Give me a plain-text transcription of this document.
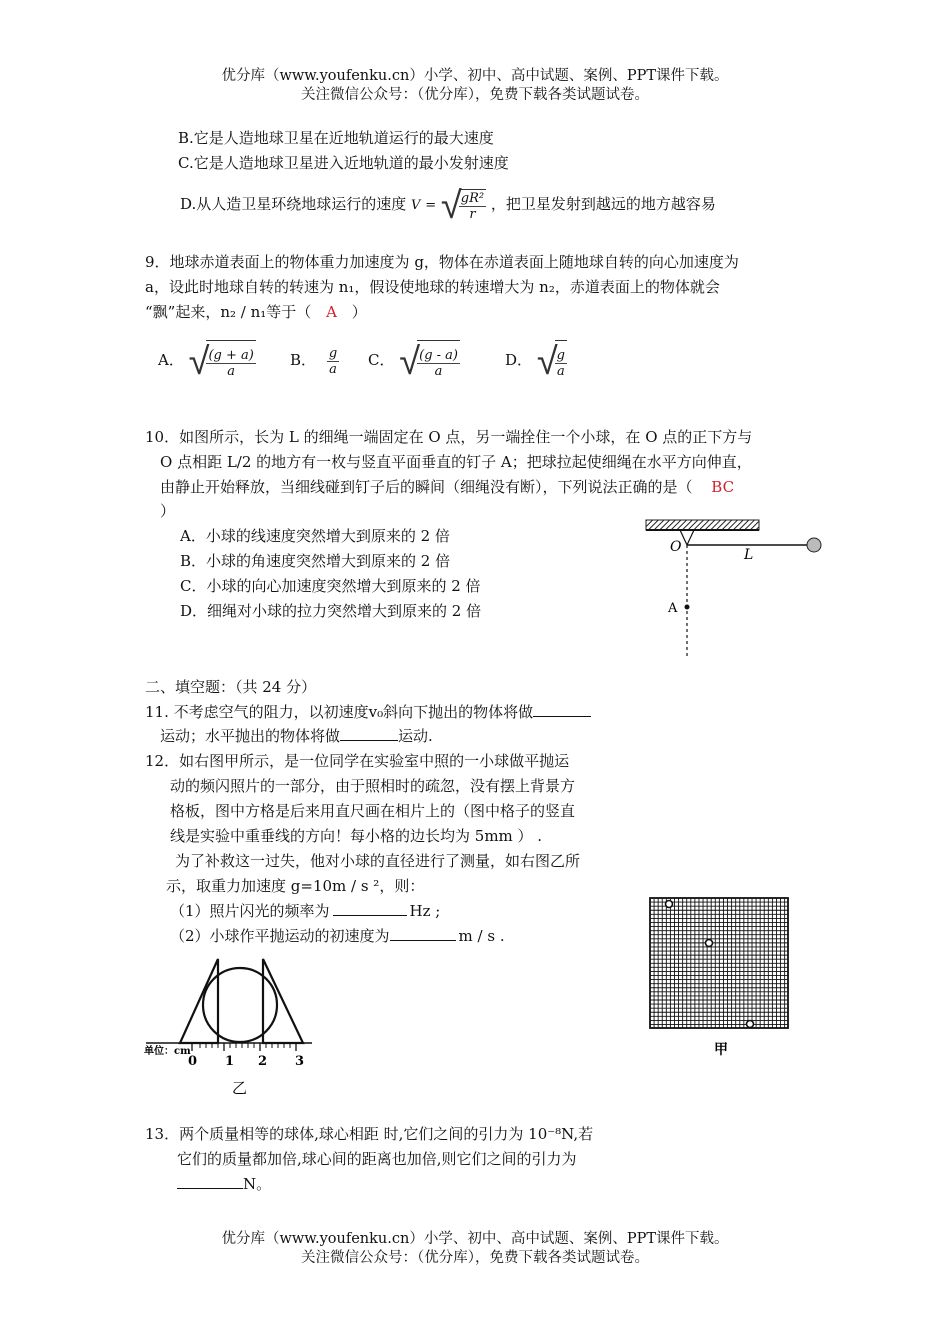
优分库（www.youfenku.cn）小学、初中、高中试题、案例、PPT课件下载。
关注微信公众号：（优分库），免费下载各类试题试卷。
B.它是人造地球卫星在近地轨道运行的最大速度
C.它是人造地球卫星进入近地轨道的最小发射速度
D.从人造卫星环绕地球运行的速度 V = √
$\frac{\text{gR²}}{r}$ ，把卫星发射到越远的地方越容易
9．地球赤道表面上的物体重力加速度为 g，物体在赤道表面上随地球自转的向心加速度为
a，设此时地球自转的转速为 n₁，假设使地球的转速增大为 n₂，赤道表面上的物体就会
“飘”起来，n₂ / n₁等于（ A ）
A． √
$\frac{(g + a)}{a}$ B． $\frac{g}{a}$ C． √
$\frac{(g - a)}{a}$	D． √
$\frac{g}{a}$
10．如图所示，长为 L 的细绳一端固定在 O 点，另一端拴住一个小球，在 O 点的正下方与
O 点相距 L/2 的地方有一枚与竖直平面垂直的钉子 A；把球拉起使细绳在水平方向伸直，
由静止开始释放，当细线碰到钉子后的瞬间（细绳没有断），下列说法正确的是（ BC
）
A．小球的线速度突然增大到原来的 2 倍
B．小球的角速度突然增大到原来的 2 倍
C．小球的向心加速度突然增大到原来的 2 倍
D．细绳对小球的拉力突然增大到原来的 2 倍
O	L
A
二、填空题：（共 24 分）
11. 不考虑空气的阻力，以初速度v₀斜向下抛出的物体将做
运动；水平抛出的物体将做	运动.
12．如右图甲所示，是一位同学在实验室中照的一小球做平抛运
动的频闪照片的一部分，由于照相时的疏忽，没有摆上背景方
格板，图中方格是后来用直尺画在相片上的（图中格子的竖直
线是实验中重垂线的方向！每小格的边长均为 5mm ） .
为了补救这一过失，他对小球的直径进行了测量，如右图乙所
示，取重力加速度 g=10m / s ²，则：
（1）照片闪光的频率为	Hz ;
（2）小球作平抛运动的初速度为	m / s .
单位：cm
0 1 2 3
乙
甲
13．两个质量相等的球体,球心相距 时,它们之间的引力为 10⁻⁸N,若
它们的质量都加倍,球心间的距离也加倍,则它们之间的引力为
N。
优分库（www.youfenku.cn）小学、初中、高中试题、案例、PPT课件下载。
关注微信公众号：（优分库），免费下载各类试题试卷。
